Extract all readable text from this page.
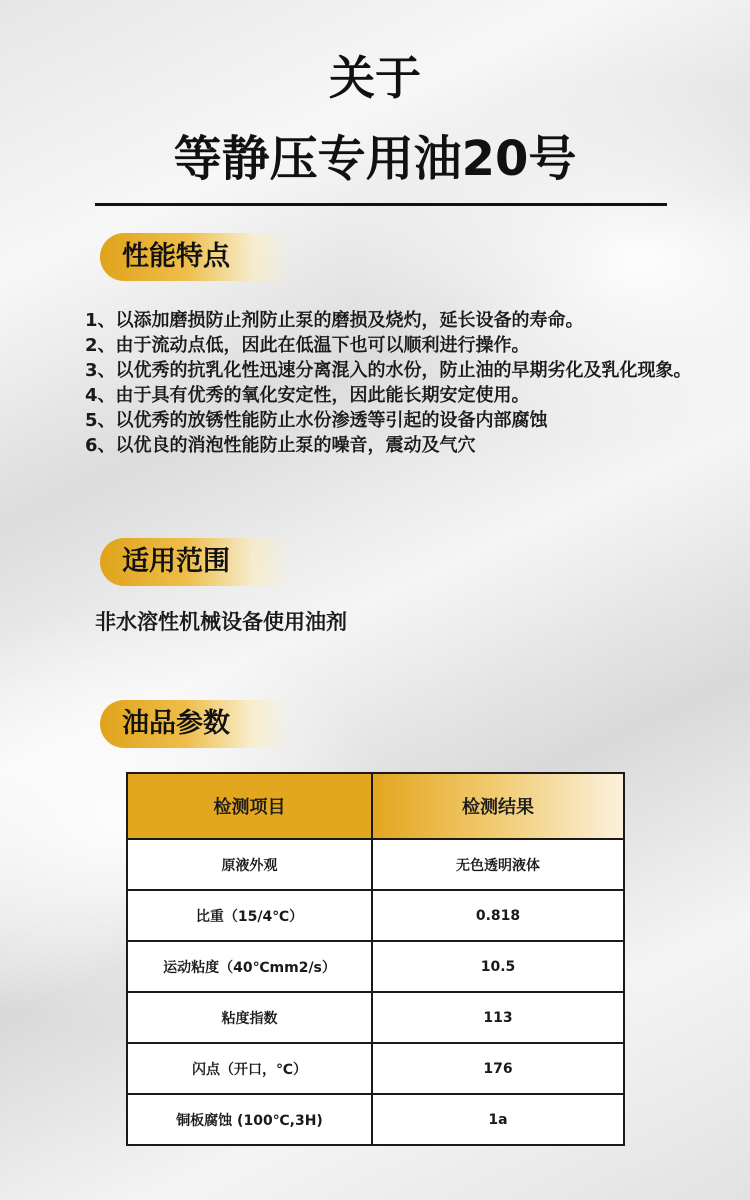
关于
等静压专用油20号
性能特点
1、以添加磨损防止剂防止泵的磨损及烧灼，延长设备的寿命。
2、由于流动点低，因此在低温下也可以顺利进行操作。
3、以优秀的抗乳化性迅速分离混入的水份，防止油的早期劣化及乳化现象。
4、由于具有优秀的氧化安定性，因此能长期安定使用。
5、以优秀的放锈性能防止水份渗透等引起的设备内部腐蚀
6、以优良的消泡性能防止泵的噪音，震动及气穴
适用范围
非水溶性机械设备使用油剂
油品参数
检测项目	检测结果
原液外观	无色透明液体
比重（15/4℃）	0.818
运动粘度（40℃mm2/s）	10.5
粘度指数	113
闪点（开口，℃）	176
铜板腐蚀 (100℃,3H)	1a
